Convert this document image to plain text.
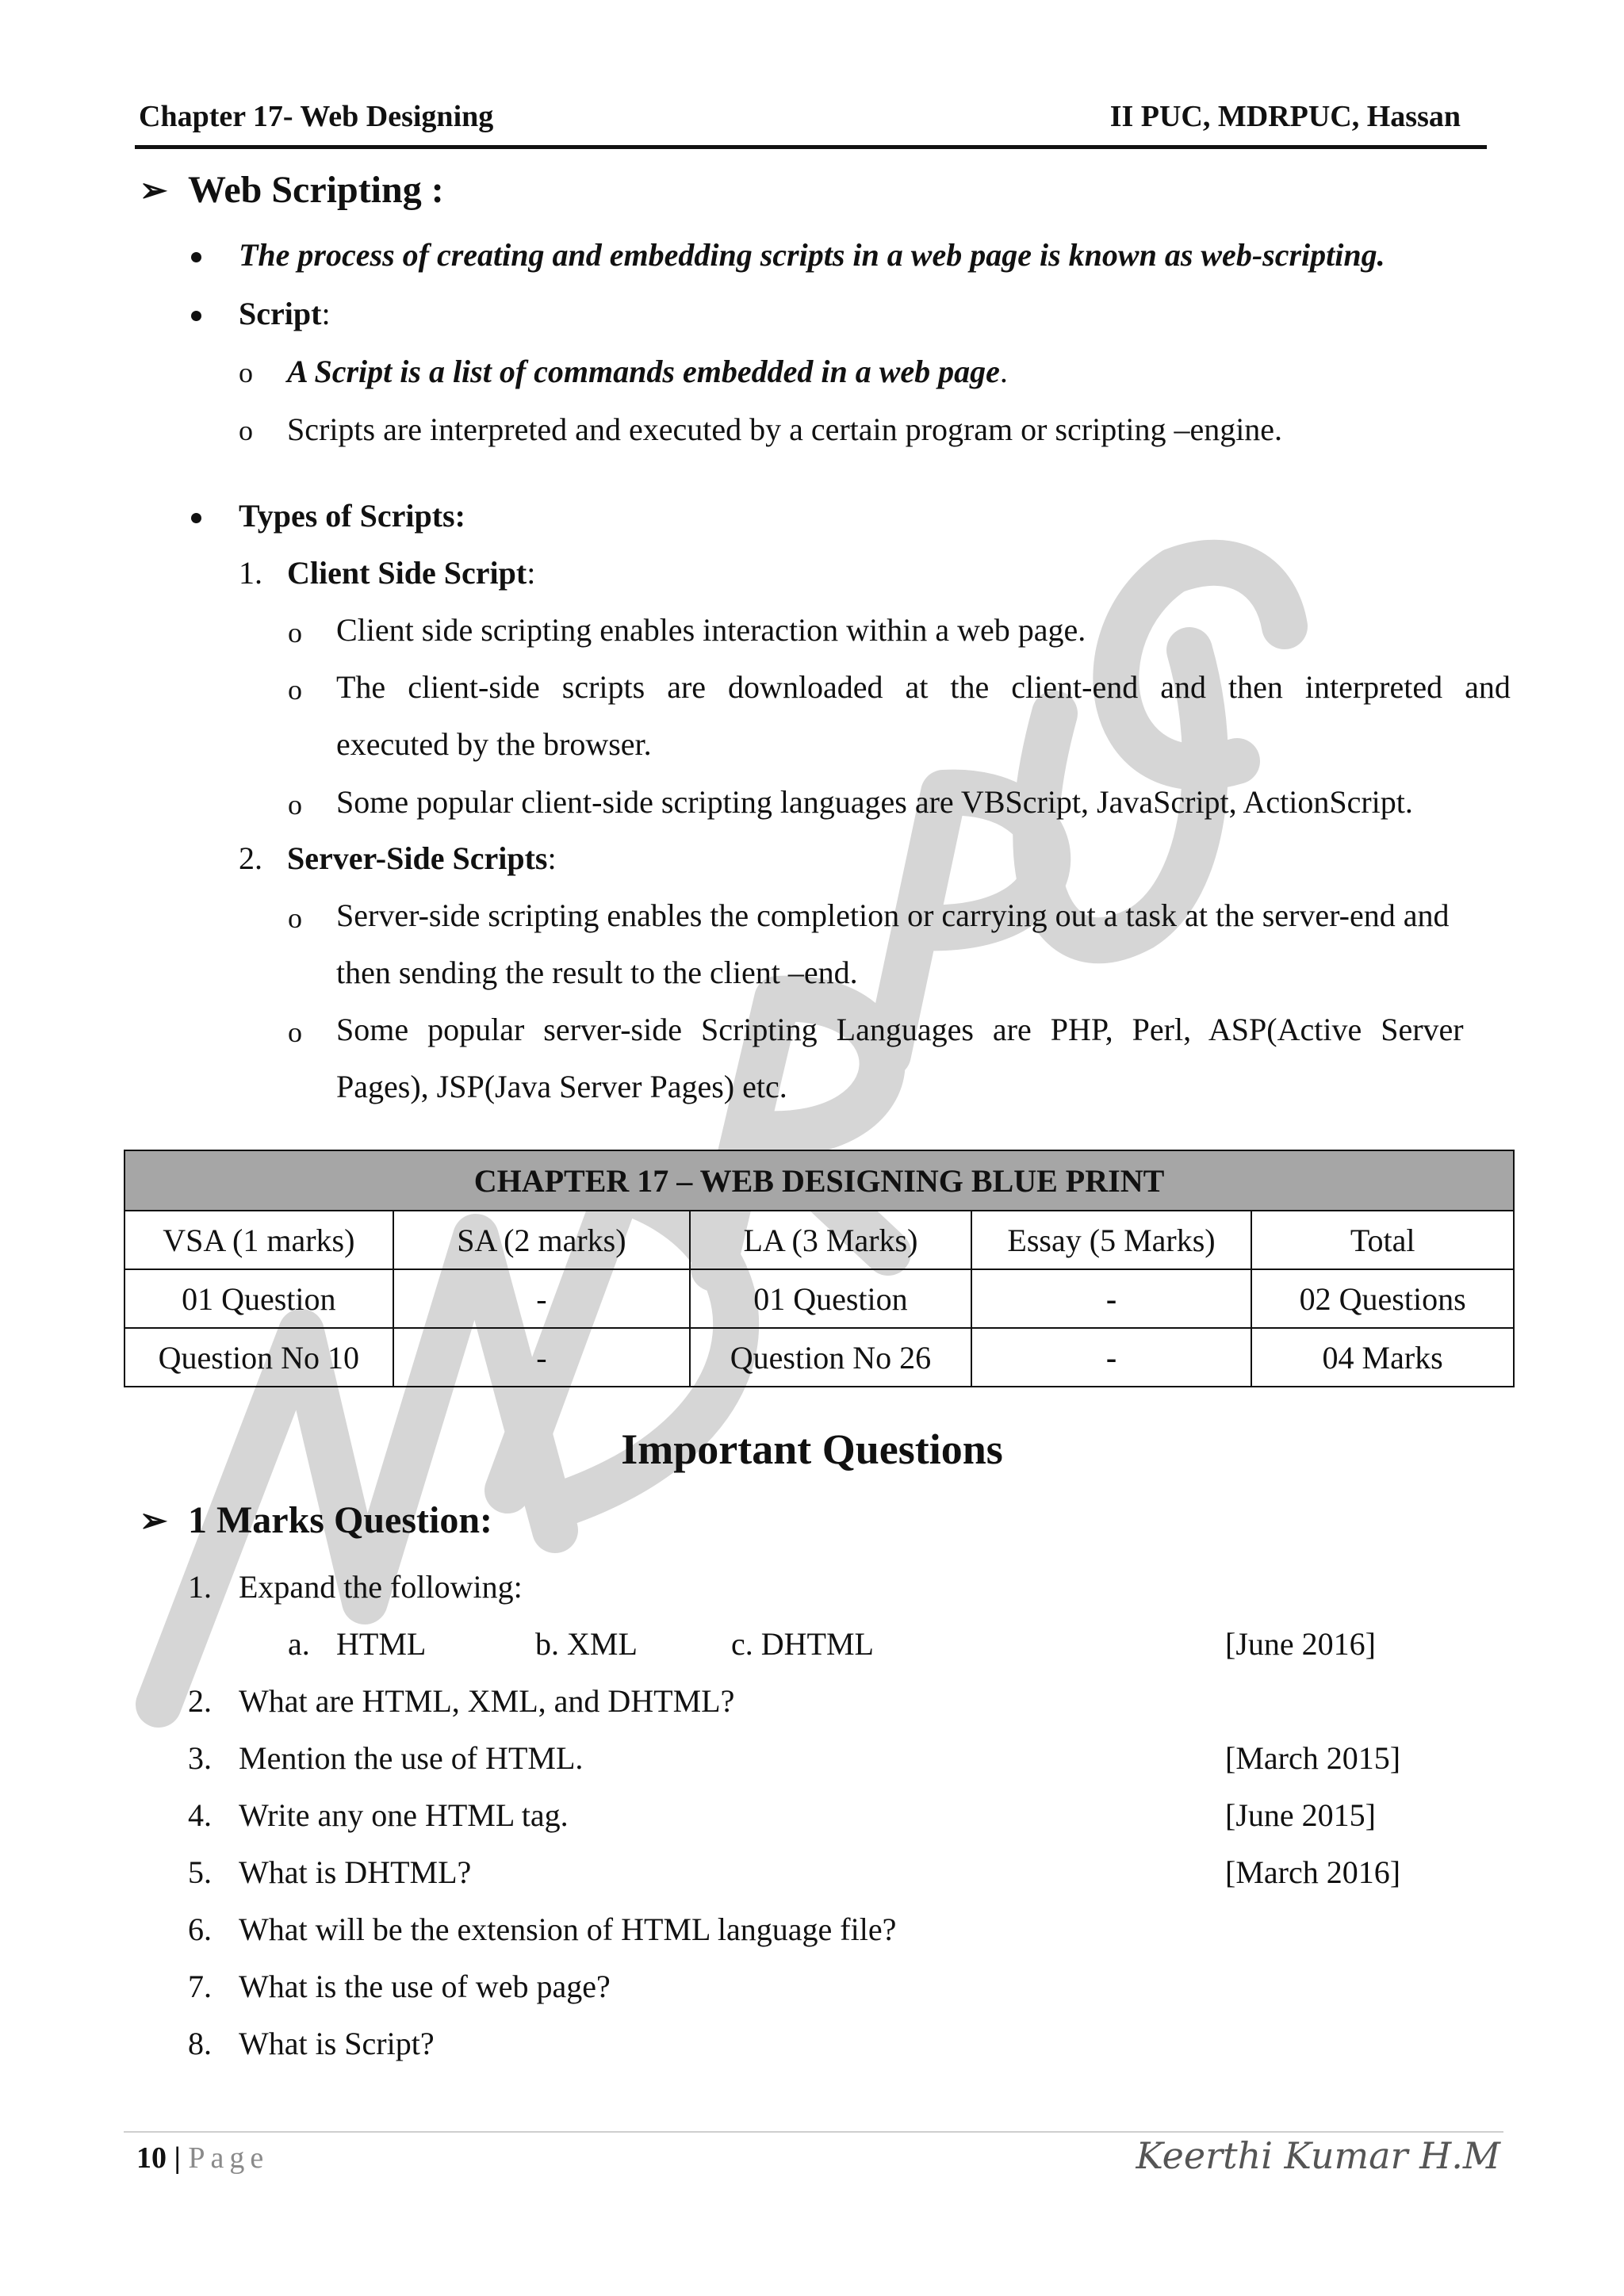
Chapter 17- Web Designing	II PUC, MDRPUC, Hassan
➢ Web Scripting :
The process of creating and embedding scripts in a web page is known as web-scripting.
Script:
o A Script is a list of commands embedded in a web page.
o Scripts are interpreted and executed by a certain program or scripting –engine.
Types of Scripts:
1. Client Side Script:
o Client side scripting enables interaction within a web page.
o The client-side scripts are downloaded at the client-end and then interpreted and
executed by the browser.
o Some popular client-side scripting languages are VBScript, JavaScript, ActionScript.
2. Server-Side Scripts:
o Server-side scripting enables the completion or carrying out a task at the server-end and
then sending the result to the client –end.
o Some popular server-side Scripting Languages are PHP, Perl, ASP(Active Server
Pages), JSP(Java Server Pages) etc.
CHAPTER 17 – WEB DESIGNING BLUE PRINT				
VSA (1 marks)	SA (2 marks)	LA (3 Marks)	Essay (5 Marks)	Total
01 Question	-	01 Question	-	02 Questions
Question No 10	-	Question No 26	-	04 Marks
Important Questions
➢ 1 Marks Question:
1. Expand the following:
a. HTML	b. XML	c. DHTML	[June 2016]
2. What are HTML, XML, and DHTML?
3. Mention the use of HTML.	[March 2015]
4. Write any one HTML tag.	[June 2015]
5. What is DHTML?	[March 2016]
6. What will be the extension of HTML language file?
7. What is the use of web page?
8. What is Script?
10 | Page	Keerthi Kumar H.M
